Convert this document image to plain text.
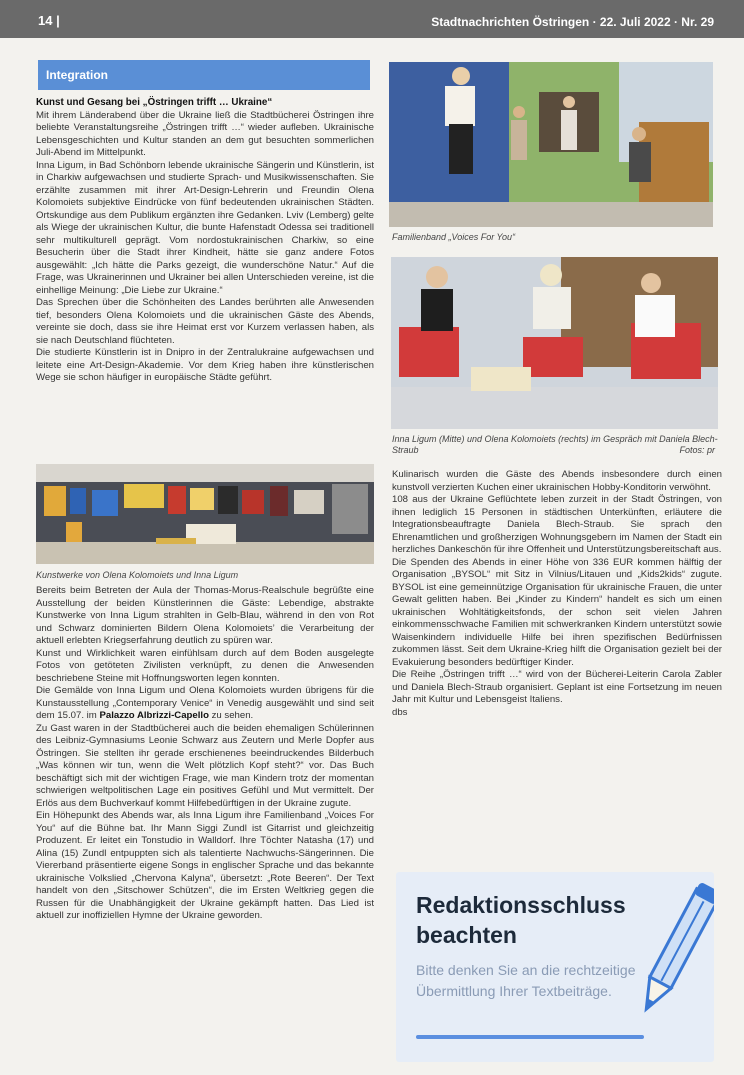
14 |	Stadtnachrichten Östringen · 22. Juli 2022 · Nr. 29
Integration
Kunst und Gesang bei „Östringen trifft … Ukraine“

Mit ihrem Länderabend über die Ukraine ließ die Stadtbücherei Östringen ihre beliebte Veranstaltungsreihe „Östringen trifft …“ wieder aufleben. Ukrainische Lebensgeschichten und Kultur standen an dem gut besuchten sommerlichen Juli-Abend im Mittelpunkt.

Inna Ligum, in Bad Schönborn lebende ukrainische Sängerin und Künstlerin, ist in Charkiw aufgewachsen und studierte Sprach- und Musikwissenschaften. Sie erzählte zusammen mit ihrer Art-Design-Lehrerin und Freundin Olena Kolomoiets subjektive Eindrücke von fünf bedeutenden ukrainischen Städten. Ortskundige aus dem Publikum ergänzten ihre Gedanken. Lviv (Lemberg) gelte als Wiege der ukrainischen Kultur, die bunte Hafenstadt Odessa sei traditionell sehr multikulturell geprägt. Vom nordostukrainischen Charkiw, so eine Besucherin über die Stadt ihrer Kindheit, hätte sie ganz andere Fotos ausgewählt: „Ich hätte die Parks gezeigt, die wunderschöne Natur.“ Auf die Frage, was Ukrainerinnen und Ukrainer bei allen Unterschieden vereine, ist die einhellige Meinung: „Die Liebe zur Ukraine.“

Das Sprechen über die Schönheiten des Landes berührten alle Anwesenden tief, besonders Olena Kolomoiets und die ukrainischen Gäste des Abends, vereinte sie doch, dass sie ihre Heimat erst vor Kurzem verlassen haben, als sie nach Deutschland flüchteten.

Die studierte Künstlerin ist in Dnipro in der Zentralukraine aufgewachsen und leitete eine Art-Design-Akademie. Vor dem Krieg haben ihre künstlerischen Wege sie schon häufiger in europäische Städte geführt.

Kunstwerke von Olena Kolomoiets und Inna Ligum

Bereits beim Betreten der Aula der Thomas-Morus-Realschule begrüßte eine Ausstellung der beiden Künstlerinnen die Gäste: Lebendige, abstrakte Kunstwerke von Inna Ligum strahlten in Gelb-Blau, während in den von Rot und Schwarz dominierten Bildern Olena Kolomoiets’ die Verarbeitung der aktuell erlebten Kriegserfahrung deutlich zu spüren war.

Kunst und Wirklichkeit waren einfühlsam durch auf dem Boden ausgelegte Fotos von getöteten Zivilisten verknüpft, zu denen die Anwesenden beschriebene Steine mit Hoffnungsworten legen konnten.

Die Gemälde von Inna Ligum und Olena Kolomoiets wurden übrigens für die Kunstausstellung „Contemporary Venice“ in Venedig ausgewählt und sind seit dem 15.07. im Palazzo Albrizzi-Capello zu sehen.

Zu Gast waren in der Stadtbücherei auch die beiden ehemaligen Schülerinnen des Leibniz-Gymnasiums Leonie Schwarz aus Zeutern und Merle Dopfer aus Östringen. Sie stellten ihr gerade erschienenes beeindruckendes Bilderbuch „Was können wir tun, wenn die Welt plötzlich Kopf steht?“ vor. Das Buch beschäftigt sich mit der wichtigen Frage, wie man Kindern trotz der momentan schwierigen weltpolitischen Lage ein positives Gefühl und Mut vermittelt. Der Erlös aus dem Buchverkauf kommt Hilfebedürftigen in der Ukraine zugute.

Ein Höhepunkt des Abends war, als Inna Ligum ihre Familienband „Voices For You“ auf die Bühne bat. Ihr Mann Siggi Zundl ist Gitarrist und gleichzeitig Produzent. Er leitet ein Tonstudio in Walldorf. Ihre Töchter Natasha (17) und Alina (15) Zundl entpuppten sich als talentierte Nachwuchs-Sängerinnen. Die Viererband präsentierte eigene Songs in englischer Sprache und das bekannte ukrainische Volkslied „Chervona Kalyna“, übersetzt: „Rote Beeren“. Der Text handelt von den „Sitschower Schützen“, die im Ersten Weltkrieg gegen die Russen für die Unabhängigkeit der Ukraine gekämpft hatten. Das Lied ist aktuell zur inoffiziellen Hymne der Ukraine geworden.

Familienband „Voices For You“
Inna Ligum (Mitte) und Olena Kolomoiets (rechts) im Gespräch mit Daniela Blech-Straub	Fotos: pr

Kulinarisch wurden die Gäste des Abends insbesondere durch einen kunstvoll verzierten Kuchen einer ukrainischen Hobby-Konditorin verwöhnt.

108 aus der Ukraine Geflüchtete leben zurzeit in der Stadt Östringen, von ihnen lediglich 15 Personen in städtischen Unterkünften, erläutere die Integrationsbeauftragte Daniela Blech-Straub. Sie sprach den Ehrenamtlichen und großherzigen Wohnungsgebern im Namen der Stadt ein herzliches Dankeschön für ihre Offenheit und Unterstützungsbereitschaft aus.

Die Spenden des Abends in einer Höhe von 336 EUR kommen hälftig der Organisation „BYSOL“ mit Sitz in Vilnius/Litauen und „Kids2kids“ zugute. BYSOL ist eine gemeinnützige Organisation für ukrainische Frauen, die unter Gewalt gelitten haben. Bei „Kinder zu Kindern“ handelt es sich um einen ukrainischen Wohltätigkeitsfonds, der schon seit vielen Jahren einkommensschwache Familien mit schwerkranken Kindern unterstützt sowie Waisenkindern individuelle Hilfe bei ihren spezifischen Bedürfnissen zukommen lässt. Seit dem Ukraine-Krieg hilft die Organisation gezielt bei der Evakuierung besonders bedürftiger Kinder.

Die Reihe „Östringen trifft …“ wird von der Bücherei-Leiterin Carola Zabler und Daniela Blech-Straub organisiert. Geplant ist eine Fortsetzung im neuen Jahr mit Kultur und Lebensgeist Italiens.

dbs

Redaktionsschluss beachten
Bitte denken Sie an die rechtzeitige Übermittlung Ihrer Textbeiträge.
